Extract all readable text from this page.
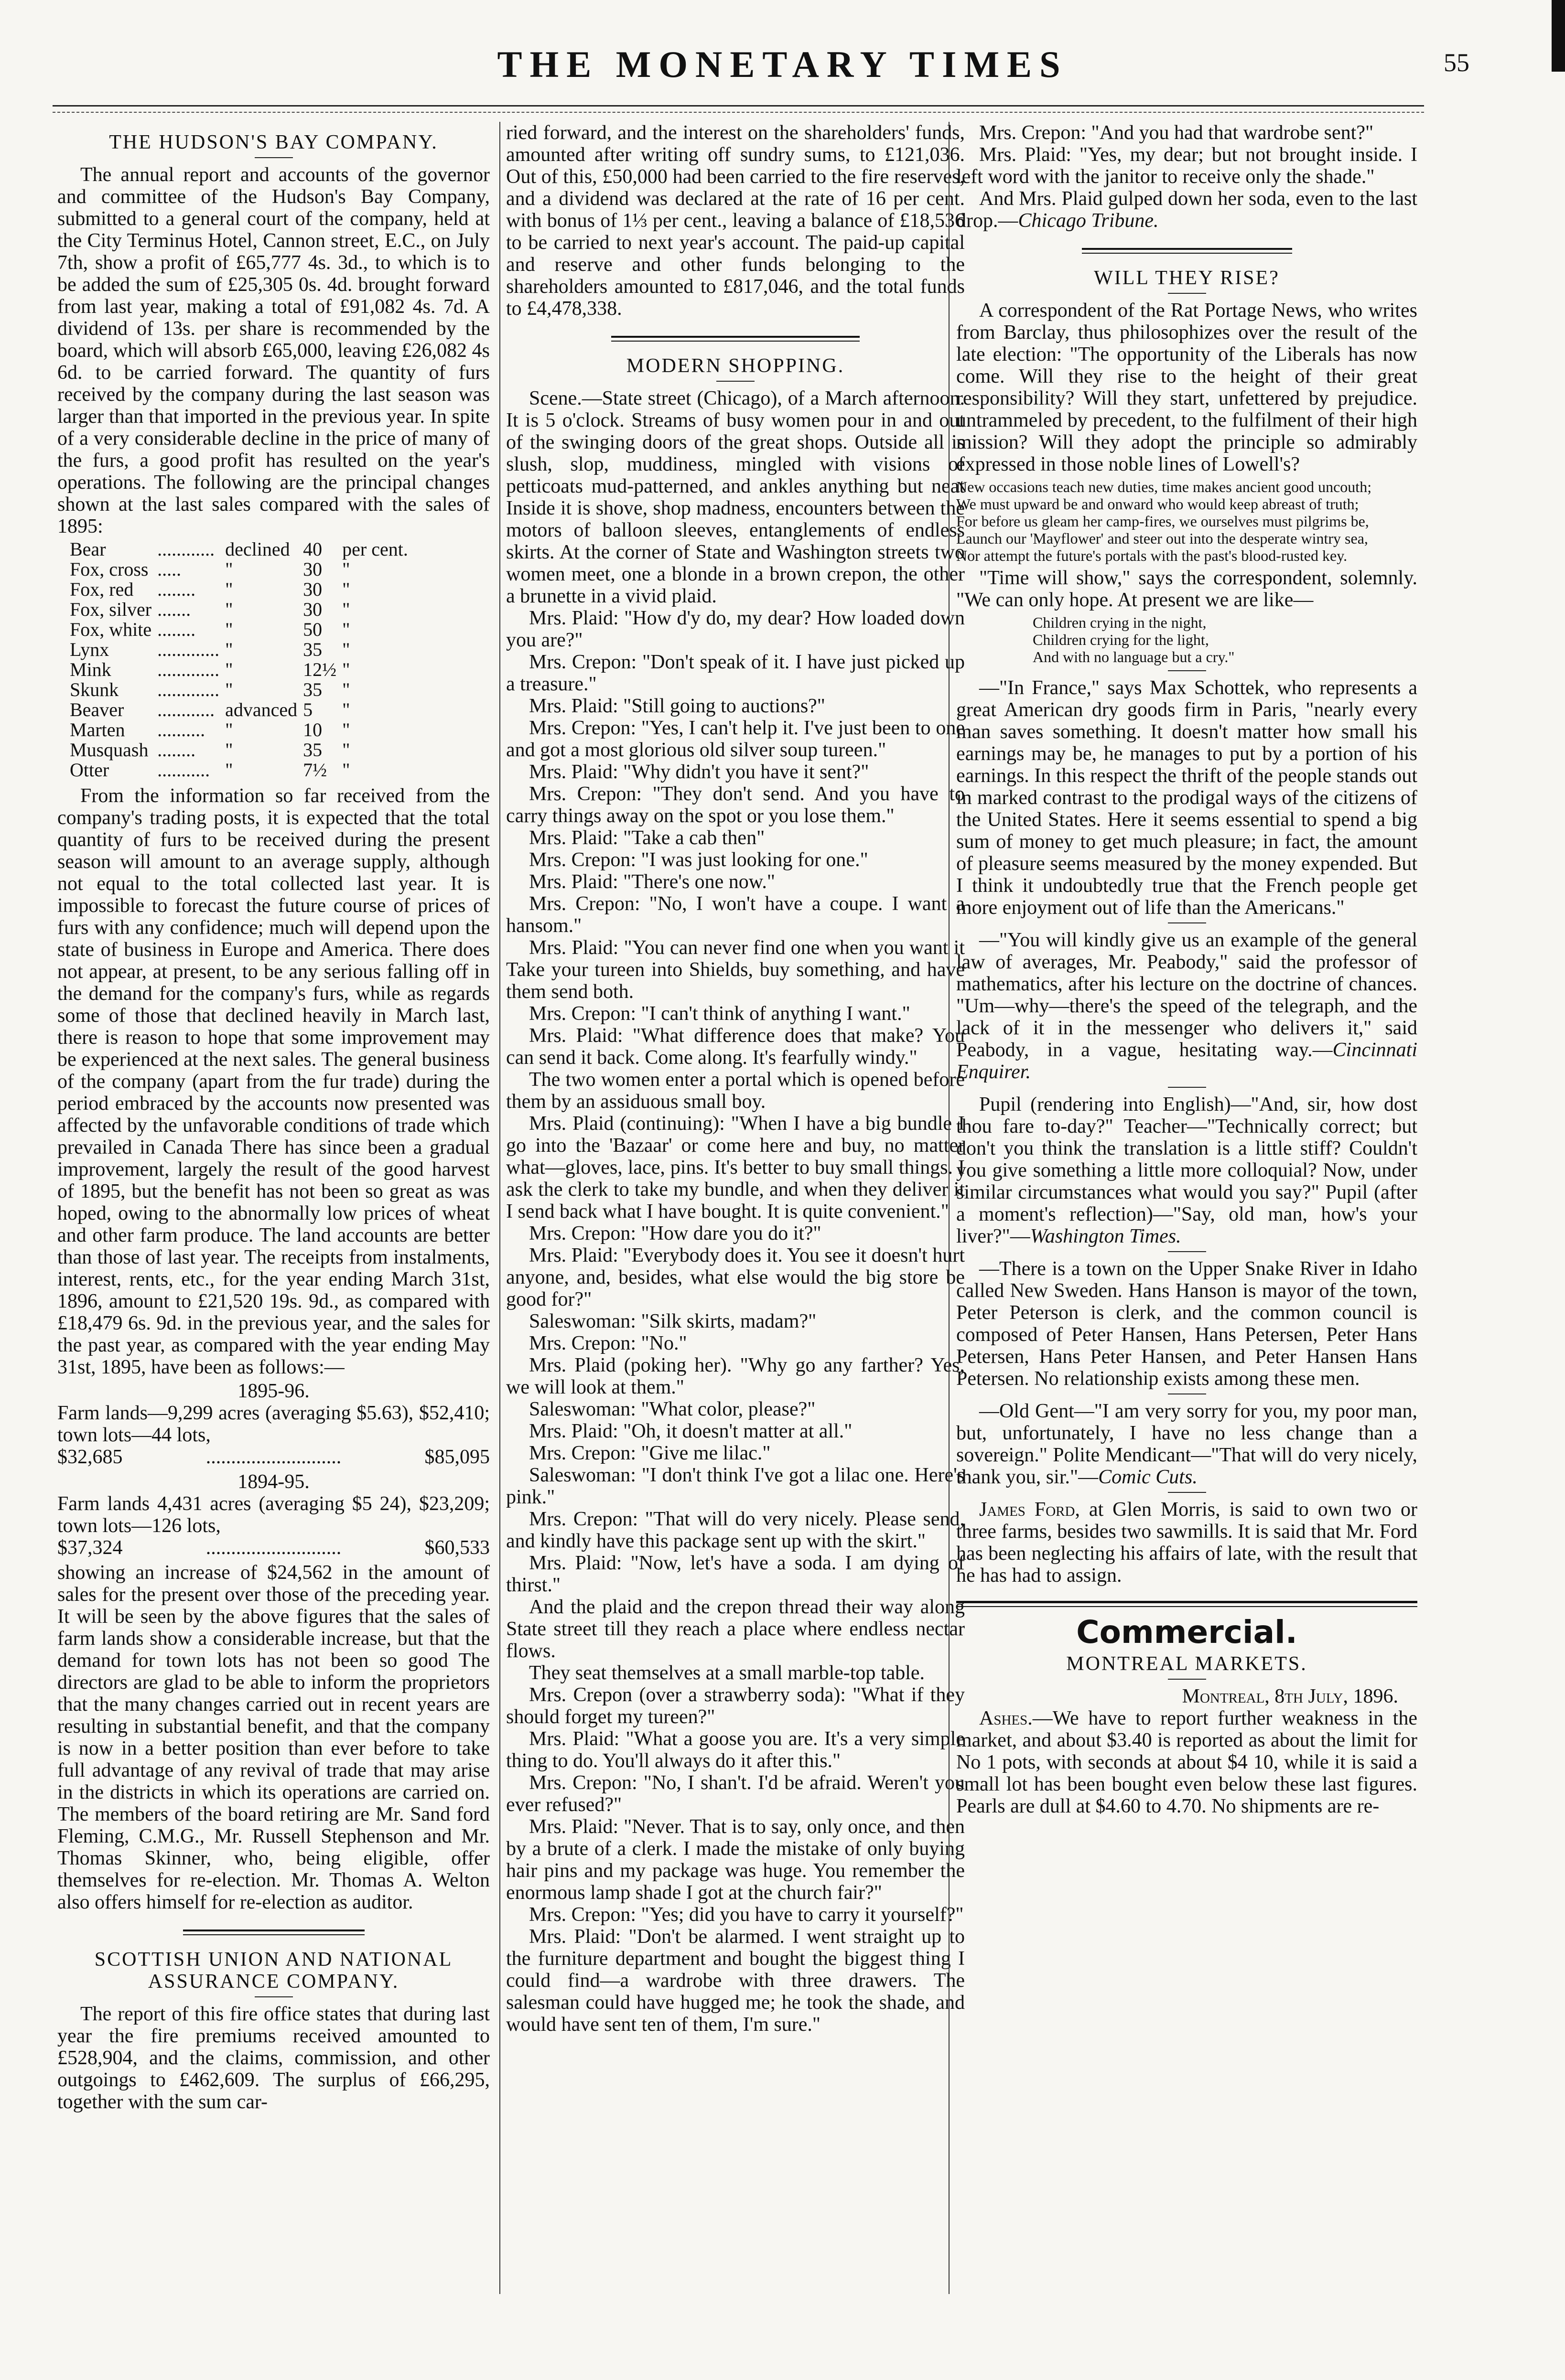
THE MONETARY TIMES	55
THE HUDSON'S BAY COMPANY.

The annual report and accounts of the governor and committee of the Hudson's Bay Company, submitted to a general court of the company, held at the City Terminus Hotel, Cannon street, E.C., on July 7th, show a profit of £65,777 4s. 3d., to which is to be added the sum of £25,305 0s. 4d. brought forward from last year, making a total of £91,082 4s. 7d. A dividend of 13s. per share is recommended by the board, which will absorb £65,000, leaving £26,082 4s 6d. to be carried forward. The quantity of furs received by the company during the last season was larger than that imported in the previous year. In spite of a very considerable decline in the price of many of the furs, a good profit has resulted on the year's operations. The following are the principal changes shown at the last sales compared with the sales of 1895:

Bear	............	declined	40	per cent.
Fox, cross	.....	"	30	"
Fox, red	........	"	30	"
Fox, silver	.......	"	30	"
Fox, white	........	"	50	"
Lynx	.............	"	35	"
Mink	.............	"	12½	"
Skunk	.............	"	35	"
Beaver	............	advanced	5	"
Marten	..........	"	10	"
Musquash	........	"	35	"
Otter	...........	"	7½	"

From the information so far received from the company's trading posts, it is expected that the total quantity of furs to be received during the present season will amount to an average supply, although not equal to the total collected last year. It is impossible to forecast the future course of prices of furs with any confidence; much will depend upon the state of business in Europe and America. There does not appear, at present, to be any serious falling off in the demand for the company's furs, while as regards some of those that declined heavily in March last, there is reason to hope that some improvement may be experienced at the next sales. The general business of the company (apart from the fur trade) during the period embraced by the accounts now presented was affected by the unfavorable conditions of trade which prevailed in Canada There has since been a gradual improvement, largely the result of the good harvest of 1895, but the benefit has not been so great as was hoped, owing to the abnormally low prices of wheat and other farm produce. The land accounts are better than those of last year. The receipts from instalments, interest, rents, etc., for the year ending March 31st, 1896, amount to £21,520 19s. 9d., as compared with £18,479 6s. 9d. in the previous year, and the sales for the past year, as compared with the year ending May 31st, 1895, have been as follows:—

1895-96.
Farm lands—9,299 acres (averaging $5.63), $52,410; town lots—44 lots,
$32,685	...........................	$85,095
1894-95.
Farm lands 4,431 acres (averaging $5 24), $23,209; town lots—126 lots,
$37,324	...........................	$60,533

showing an increase of $24,562 in the amount of sales for the present over those of the preceding year. It will be seen by the above figures that the sales of farm lands show a considerable increase, but that the demand for town lots has not been so good The directors are glad to be able to inform the proprietors that the many changes carried out in recent years are resulting in substantial benefit, and that the company is now in a better position than ever before to take full advantage of any revival of trade that may arise in the districts in which its operations are carried on. The members of the board retiring are Mr. Sand ford Fleming, C.M.G., Mr. Russell Stephenson and Mr. Thomas Skinner, who, being eligible, offer themselves for re-election. Mr. Thomas A. Welton also offers himself for re-election as auditor.

SCOTTISH UNION AND NATIONAL ASSURANCE COMPANY.

The report of this fire office states that during last year the fire premiums received amounted to £528,904, and the claims, commission, and other outgoings to £462,609. The surplus of £66,295, together with the sum car-

ried forward, and the interest on the shareholders' funds, amounted after writing off sundry sums, to £121,036. Out of this, £50,000 had been carried to the fire reserves, and a dividend was declared at the rate of 16 per cent. with bonus of 1⅓ per cent., leaving a balance of £18,536 to be carried to next year's account. The paid-up capital and reserve and other funds belonging to the shareholders amounted to £817,046, and the total funds to £4,478,338.

MODERN SHOPPING.

Scene.—State street (Chicago), of a March afternoon. It is 5 o'clock. Streams of busy women pour in and out of the swinging doors of the great shops. Outside all is slush, slop, muddiness, mingled with visions of petticoats mud-patterned, and ankles anything but neat Inside it is shove, shop madness, encounters between the motors of balloon sleeves, entanglements of endless skirts. At the corner of State and Washington streets two women meet, one a blonde in a brown crepon, the other a brunette in a vivid plaid.

Mrs. Plaid: "How d'y do, my dear? How loaded down you are?"

Mrs. Crepon: "Don't speak of it. I have just picked up a treasure."

Mrs. Plaid: "Still going to auctions?"

Mrs. Crepon: "Yes, I can't help it. I've just been to one and got a most glorious old silver soup tureen."

Mrs. Plaid: "Why didn't you have it sent?"

Mrs. Crepon: "They don't send. And you have to carry things away on the spot or you lose them."

Mrs. Plaid: "Take a cab then"

Mrs. Crepon: "I was just looking for one."

Mrs. Plaid: "There's one now."

Mrs. Crepon: "No, I won't have a coupe. I want a hansom."

Mrs. Plaid: "You can never find one when you want it Take your tureen into Shields, buy something, and have them send both.

Mrs. Crepon: "I can't think of anything I want."

Mrs. Plaid: "What difference does that make? You can send it back. Come along. It's fearfully windy."

The two women enter a portal which is opened before them by an assiduous small boy.

Mrs. Plaid (continuing): "When I have a big bundle I go into the 'Bazaar' or come here and buy, no matter what—gloves, lace, pins. It's better to buy small things. I ask the clerk to take my bundle, and when they deliver it I send back what I have bought. It is quite convenient."

Mrs. Crepon: "How dare you do it?"

Mrs. Plaid: "Everybody does it. You see it doesn't hurt anyone, and, besides, what else would the big store be good for?"

Saleswoman: "Silk skirts, madam?"

Mrs. Crepon: "No."

Mrs. Plaid (poking her). "Why go any farther? Yes, we will look at them."

Saleswoman: "What color, please?"

Mrs. Plaid: "Oh, it doesn't matter at all."

Mrs. Crepon: "Give me lilac."

Saleswoman: "I don't think I've got a lilac one. Here's pink."

Mrs. Crepon: "That will do very nicely. Please send, and kindly have this package sent up with the skirt."

Mrs. Plaid: "Now, let's have a soda. I am dying of thirst."

And the plaid and the crepon thread their way along State street till they reach a place where endless nectar flows.

They seat themselves at a small marble-top table.

Mrs. Crepon (over a strawberry soda): "What if they should forget my tureen?"

Mrs. Plaid: "What a goose you are. It's a very simple thing to do. You'll always do it after this."

Mrs. Crepon: "No, I shan't. I'd be afraid. Weren't you ever refused?"

Mrs. Plaid: "Never. That is to say, only once, and then by a brute of a clerk. I made the mistake of only buying hair pins and my package was huge. You remember the enormous lamp shade I got at the church fair?"

Mrs. Crepon: "Yes; did you have to carry it yourself?"

Mrs. Plaid: "Don't be alarmed. I went straight up to the furniture department and bought the biggest thing I could find—a wardrobe with three drawers. The salesman could have hugged me; he took the shade, and would have sent ten of them, I'm sure."

Mrs. Crepon: "And you had that wardrobe sent?"

Mrs. Plaid: "Yes, my dear; but not brought inside. I left word with the janitor to receive only the shade."

And Mrs. Plaid gulped down her soda, even to the last drop.—Chicago Tribune.

WILL THEY RISE?

A correspondent of the Rat Portage News, who writes from Barclay, thus philosophizes over the result of the late election: "The opportunity of the Liberals has now come. Will they rise to the height of their great responsibility? Will they start, unfettered by prejudice. untrammeled by precedent, to the fulfilment of their high mission? Will they adopt the principle so admirably expressed in those noble lines of Lowell's?

New occasions teach new duties, time makes ancient good uncouth;
We must upward be and onward who would keep abreast of truth;
For before us gleam her camp-fires, we ourselves must pilgrims be,
Launch our 'Mayflower' and steer out into the desperate wintry sea,
Nor attempt the future's portals with the past's blood-rusted key.

"Time will show," says the correspondent, solemnly. "We can only hope. At present we are like—

Children crying in the night,
Children crying for the light,
And with no language but a cry."

—"In France," says Max Schottek, who represents a great American dry goods firm in Paris, "nearly every man saves something. It doesn't matter how small his earnings may be, he manages to put by a portion of his earnings. In this respect the thrift of the people stands out in marked contrast to the prodigal ways of the citizens of the United States. Here it seems essential to spend a big sum of money to get much pleasure; in fact, the amount of pleasure seems measured by the money expended. But I think it undoubtedly true that the French people get more enjoyment out of life than the Americans."

—"You will kindly give us an example of the general law of averages, Mr. Peabody," said the professor of mathematics, after his lecture on the doctrine of chances. "Um—why—there's the speed of the telegraph, and the lack of it in the messenger who delivers it," said Peabody, in a vague, hesitating way.—Cincinnati Enquirer.

Pupil (rendering into English)—"And, sir, how dost thou fare to-day?" Teacher—"Technically correct; but don't you think the translation is a little stiff? Couldn't you give something a little more colloquial? Now, under similar circumstances what would you say?" Pupil (after a moment's reflection)—"Say, old man, how's your liver?"—Washington Times.

—There is a town on the Upper Snake River in Idaho called New Sweden. Hans Hanson is mayor of the town, Peter Peterson is clerk, and the common council is composed of Peter Hansen, Hans Petersen, Peter Hans Petersen, Hans Peter Hansen, and Peter Hansen Hans Petersen. No relationship exists among these men.

—Old Gent—"I am very sorry for you, my poor man, but, unfortunately, I have no less change than a sovereign." Polite Mendicant—"That will do very nicely, thank you, sir."—Comic Cuts.

James Ford, at Glen Morris, is said to own two or three farms, besides two sawmills. It is said that Mr. Ford has been neglecting his affairs of late, with the result that he has had to assign.

Commercial.
MONTREAL MARKETS.
Montreal, 8th July, 1896.

Ashes.—We have to report further weakness in the market, and about $3.40 is reported as about the limit for No 1 pots, with seconds at about $4 10, while it is said a small lot has been bought even below these last figures. Pearls are dull at $4.60 to 4.70. No shipments are re-
